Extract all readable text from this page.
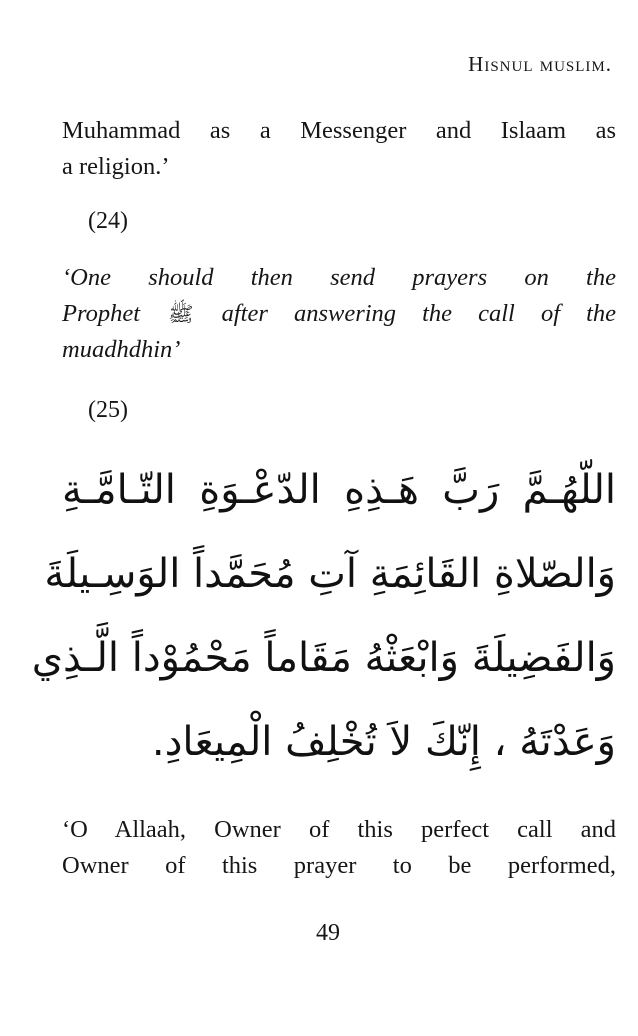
Hisnul muslim.
Muhammad as a Messenger and Islaam as
a religion.’
(24)
‘One should then send prayers on the
Prophet ﷺ after answering the call of the
muadhdhin’
(25)
اللّهُـمَّ رَبَّ هَـذِهِ الدّعْـوَةِ التّـامَّـةِ
وَالصّلاةِ القَائِمَةِ آتِ مُحَمَّداً الوَسِـيلَةَ
وَالفَضِيلَةَ وَابْعَثْهُ مَقَاماً مَحْمُوْداً الَّـذِي
وَعَدْتَهُ ، إِنّكَ لاَ تُخْلِفُ الْمِيعَادِ.
‘O Allaah, Owner of this perfect call and
Owner of this prayer to be performed,
49
